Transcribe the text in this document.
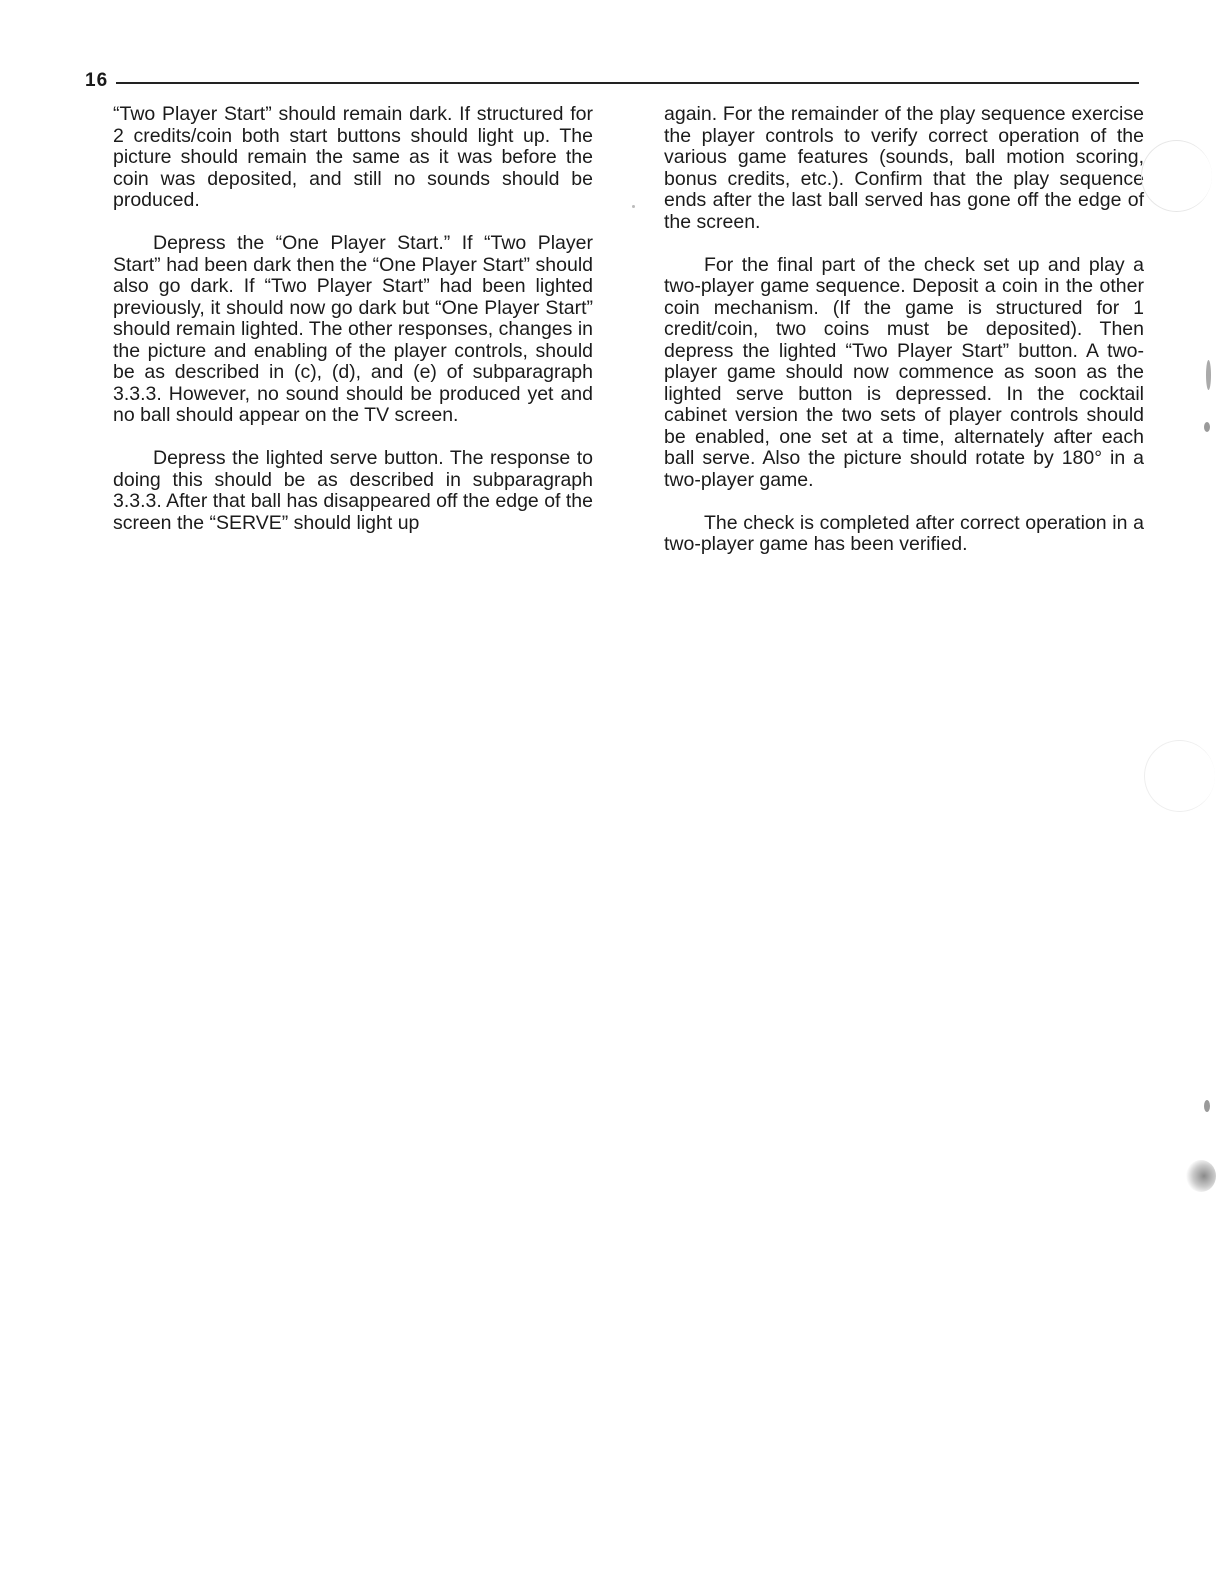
16

“Two Player Start” should remain dark. If structured for 2 credits/coin both start buttons should light up. The picture should remain the same as it was before the coin was deposited, and still no sounds should be produced.

Depress the “One Player Start.” If “Two Player Start” had been dark then the “One Player Start” should also go dark. If “Two Player Start” had been lighted previously, it should now go dark but “One Player Start” should remain lighted. The other responses, changes in the picture and enabling of the player controls, should be as described in (c), (d), and (e) of subparagraph 3.3.3. However, no sound should be produced yet and no ball should appear on the TV screen.

Depress the lighted serve button. The response to doing this should be as described in subparagraph 3.3.3. After that ball has disappeared off the edge of the screen the “SERVE” should light up

again. For the remainder of the play sequence exercise the player controls to verify correct operation of the various game features (sounds, ball motion scoring, bonus credits, etc.). Confirm that the play sequence ends after the last ball served has gone off the edge of the screen.

For the final part of the check set up and play a two-player game sequence. Deposit a coin in the other coin mechanism. (If the game is structured for 1 credit/coin, two coins must be deposited). Then depress the lighted “Two Player Start” button. A two-player game should now commence as soon as the lighted serve button is depressed. In the cocktail cabinet version the two sets of player controls should be enabled, one set at a time, alternately after each ball serve. Also the picture should rotate by 180° in a two-player game.

The check is completed after correct operation in a two-player game has been verified.
